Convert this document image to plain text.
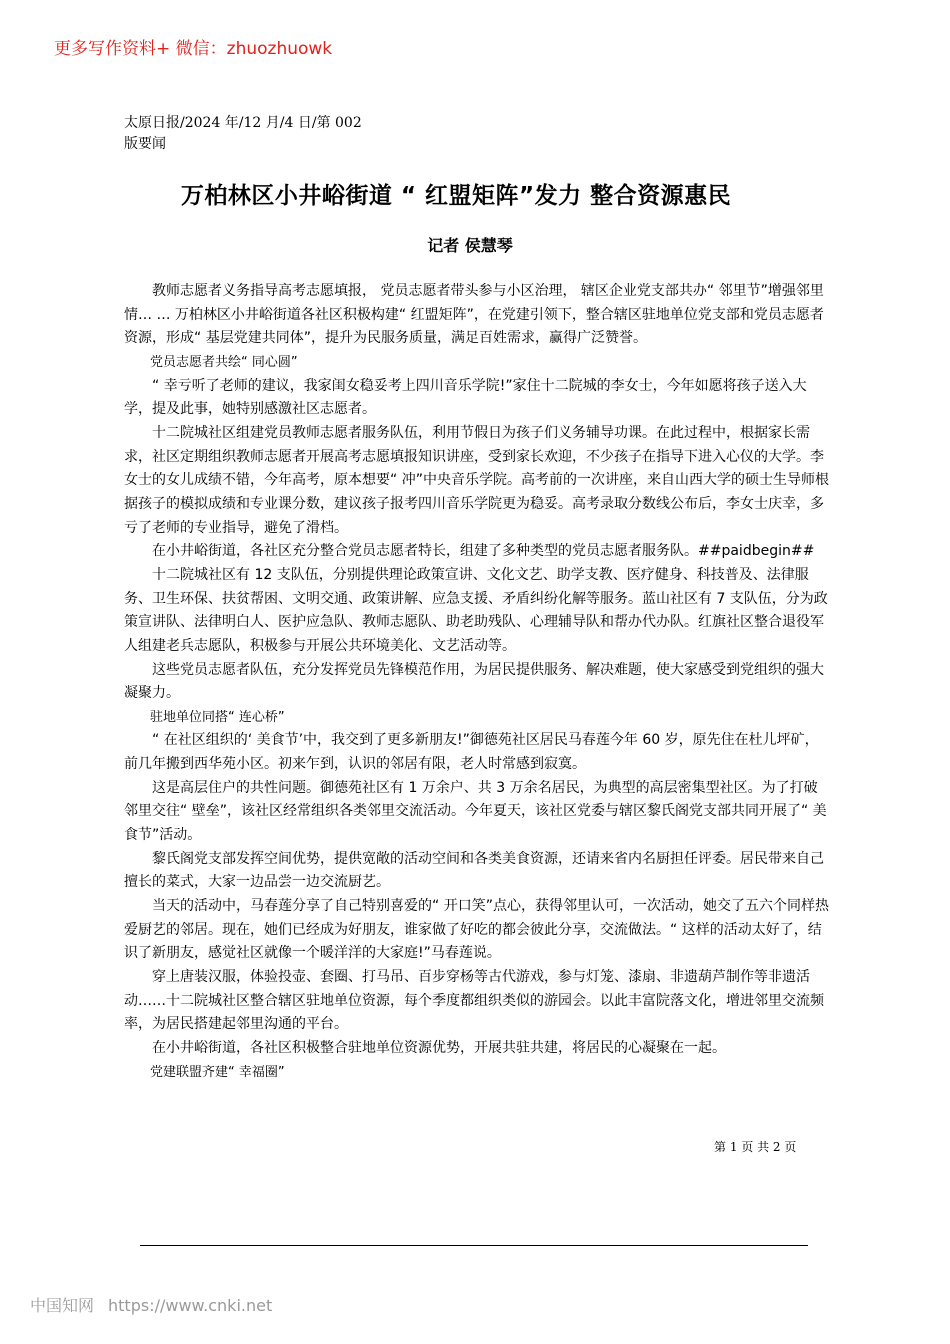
更多写作资料+ 微信：zhuozhuowk
太原日报/2024 年/12 月/4 日/第 002
版要闻
万柏林区小井峪街道 “ 红盟矩阵”发力 整合资源惠民
记者 侯慧琴

教师志愿者义务指导高考志愿填报， 党员志愿者带头参与小区治理， 辖区企业党支部共办“ 邻里节”增强邻里情… … 万柏林区小井峪街道各社区积极构建“ 红盟矩阵”，在党建引领下，整合辖区驻地单位党支部和党员志愿者资源，形成“ 基层党建共同体”，提升为民服务质量，满足百姓需求，赢得广泛赞誉。

党员志愿者共绘“ 同心圆”

“ 幸亏听了老师的建议，我家闺女稳妥考上四川音乐学院!”家住十二院城的李女士，今年如愿将孩子送入大学，提及此事，她特别感激社区志愿者。

十二院城社区组建党员教师志愿者服务队伍，利用节假日为孩子们义务辅导功课。在此过程中，根据家长需求，社区定期组织教师志愿者开展高考志愿填报知识讲座，受到家长欢迎，不少孩子在指导下进入心仪的大学。李女士的女儿成绩不错，今年高考，原本想要“ 冲”中央音乐学院。高考前的一次讲座，来自山西大学的硕士生导师根据孩子的模拟成绩和专业课分数，建议孩子报考四川音乐学院更为稳妥。高考录取分数线公布后，李女士庆幸，多亏了老师的专业指导，避免了滑档。

在小井峪街道，各社区充分整合党员志愿者特长，组建了多种类型的党员志愿者服务队。##paidbegin##

十二院城社区有 12 支队伍，分别提供理论政策宣讲、文化文艺、助学支教、医疗健身、科技普及、法律服务、卫生环保、扶贫帮困、文明交通、政策讲解、应急支援、矛盾纠纷化解等服务。蓝山社区有 7 支队伍，分为政策宣讲队、法律明白人、医护应急队、教师志愿队、助老助残队、心理辅导队和帮办代办队。红旗社区整合退役军人组建老兵志愿队，积极参与开展公共环境美化、文艺活动等。

这些党员志愿者队伍，充分发挥党员先锋模范作用，为居民提供服务、解决难题，使大家感受到党组织的强大凝聚力。

驻地单位同搭“ 连心桥”

“ 在社区组织的‘ 美食节’中，我交到了更多新朋友!”御德苑社区居民马春莲今年 60 岁，原先住在杜儿坪矿，前几年搬到西华苑小区。初来乍到，认识的邻居有限，老人时常感到寂寞。

这是高层住户的共性问题。御德苑社区有 1 万余户、共 3 万余名居民，为典型的高层密集型社区。为了打破邻里交往“ 壁垒”，该社区经常组织各类邻里交流活动。今年夏天，该社区党委与辖区黎氏阁党支部共同开展了“ 美食节”活动。

黎氏阁党支部发挥空间优势，提供宽敞的活动空间和各类美食资源，还请来省内名厨担任评委。居民带来自己擅长的菜式，大家一边品尝一边交流厨艺。

当天的活动中，马春莲分享了自己特别喜爱的“ 开口笑”点心，获得邻里认可，一次活动，她交了五六个同样热爱厨艺的邻居。现在，她们已经成为好朋友，谁家做了好吃的都会彼此分享，交流做法。“ 这样的活动太好了，结识了新朋友，感觉社区就像一个暖洋洋的大家庭!”马春莲说。

穿上唐装汉服，体验投壶、套圈、打马吊、百步穿杨等古代游戏，参与灯笼、漆扇、非遗葫芦制作等非遗活动……十二院城社区整合辖区驻地单位资源，每个季度都组织类似的游园会。以此丰富院落文化，增进邻里交流频率，为居民搭建起邻里沟通的平台。

在小井峪街道，各社区积极整合驻地单位资源优势，开展共驻共建，将居民的心凝聚在一起。

党建联盟齐建“ 幸福圈”

第 1 页 共 2 页
中国知网 https://www.cnki.net
